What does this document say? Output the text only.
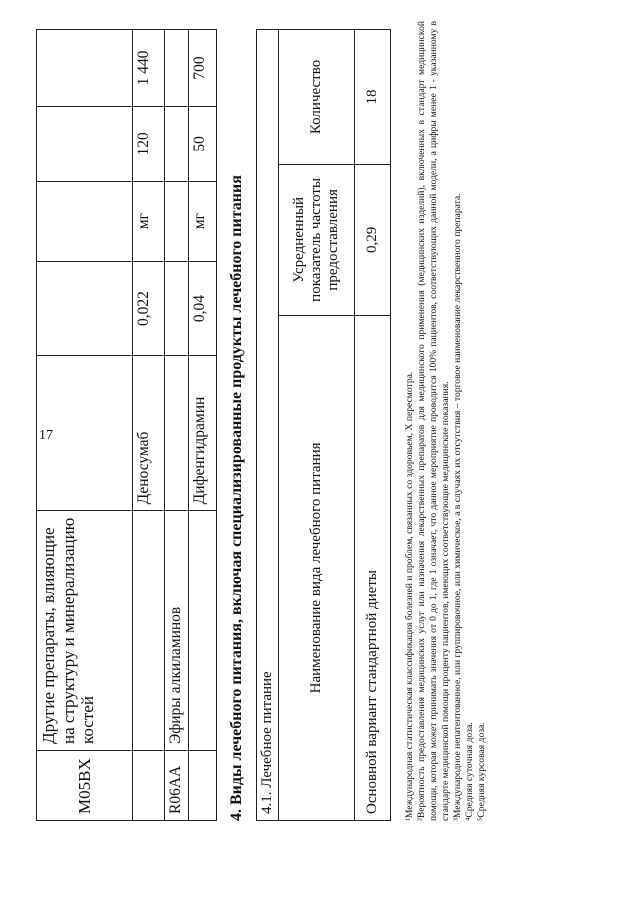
17
M05BX	Другие препараты, влияющие на структуру и минерализацию костей					
		Деносумаб	0,022	мг	120	1 440
R06AA	Эфиры алкиламинов					
		Дифенгидрамин	0,04	мг	50	700
4. Виды лечебного питания, включая специализированные продукты лечебного питания 4.1. Лечебное питание		
Наименование вида лечебного питания	Усредненный показатель частоты предоставления	Количество
Основной вариант стандартной диеты	0,29	18
¹Международная статистическая классификация болезней и проблем, связанных со здоровьем, X пересмотра. ²Вероятность предоставления медицинских услуг или назначения лекарственных препаратов для медицинского применения (медицинских изделий), включенных в стандарт медицинской помощи, которая может принимать значения от 0 до 1, где 1 означает, что данное мероприятие проводится 100% пациентов, соответствующих данной модели, а цифры менее 1 - указанному в стандарте медицинской помощи проценту пациентов, имеющих соответствующие медицинские показания. ³Международное непатентованное, или группировочное, или химическое, а в случаях их отсутствия – торговое наименование лекарственного препарата. ⁴Средняя суточная доза. ⁵Средняя курсовая доза.
